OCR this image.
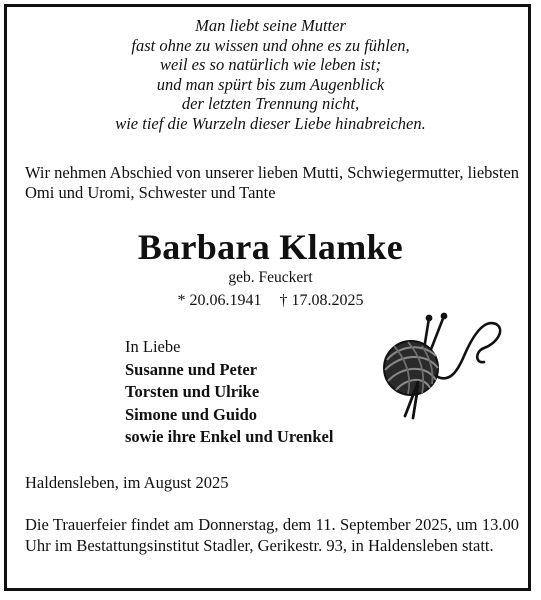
Man liebt seine Mutter
fast ohne zu wissen und ohne es zu fühlen,
weil es so natürlich wie leben ist;
und man spürt bis zum Augenblick
der letzten Trennung nicht,
wie tief die Wurzeln dieser Liebe hinabreichen.
Wir nehmen Abschied von unserer lieben Mutti, Schwiegermutter, liebsten Omi und Uromi, Schwester und Tante
Barbara Klamke
geb. Feuckert
* 20.06.1941 † 17.08.2025
In Liebe
Susanne und Peter
Torsten und Ulrike
Simone und Guido
sowie ihre Enkel und Urenkel
Haldensleben, im August 2025
Die Trauerfeier findet am Donnerstag, dem 11. September 2025, um 13.00 Uhr im Bestattungsinstitut Stadler, Gerikestr. 93, in Haldensleben statt.
